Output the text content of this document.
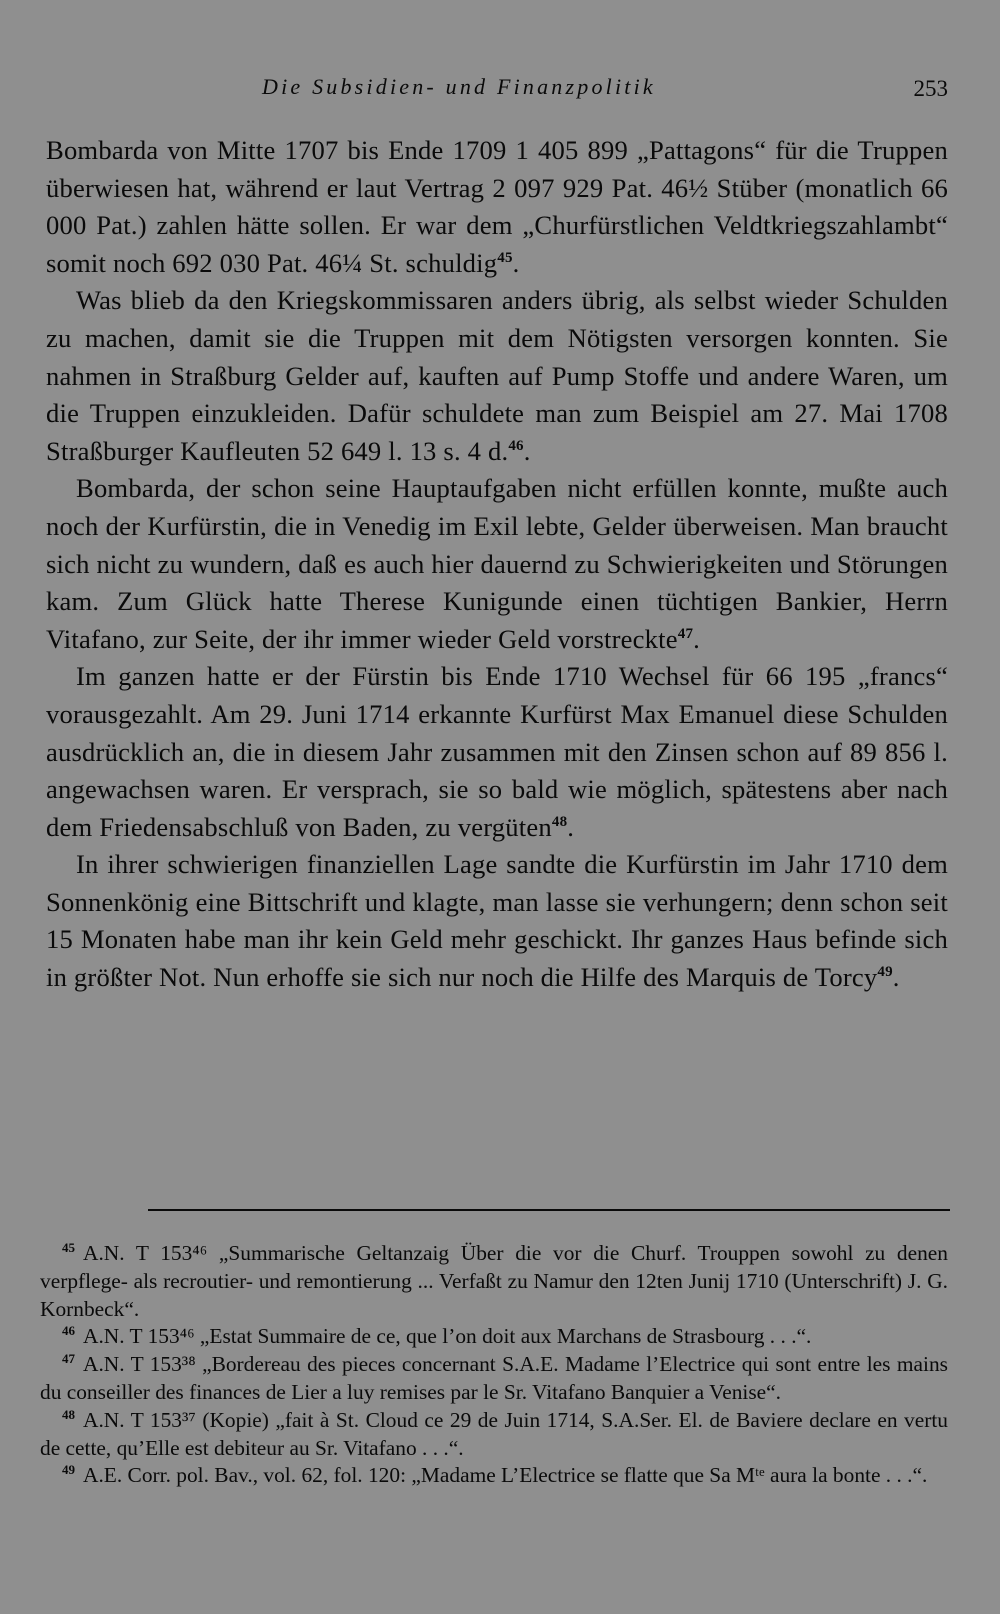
Die Subsidien- und Finanzpolitik	253

Bombarda von Mitte 1707 bis Ende 1709 1 405 899 „Pattagons“ für die Truppen überwiesen hat, während er laut Vertrag 2 097 929 Pat. 46½ Stüber (monatlich 66 000 Pat.) zahlen hätte sollen. Er war dem „Churfürstlichen Veldtkriegszahlambt“ somit noch 692 030 Pat. 46¼ St. schuldig$^{45}$.

Was blieb da den Kriegskommissaren anders übrig, als selbst wieder Schulden zu machen, damit sie die Truppen mit dem Nötigsten versorgen konnten. Sie nahmen in Straßburg Gelder auf, kauften auf Pump Stoffe und andere Waren, um die Truppen einzukleiden. Dafür schuldete man zum Beispiel am 27. Mai 1708 Straßburger Kaufleuten 52 649 l. 13 s. 4 d.$^{46}$.

Bombarda, der schon seine Hauptaufgaben nicht erfüllen konnte, mußte auch noch der Kurfürstin, die in Venedig im Exil lebte, Gelder überweisen. Man braucht sich nicht zu wundern, daß es auch hier dauernd zu Schwierigkeiten und Störungen kam. Zum Glück hatte Therese Kunigunde einen tüchtigen Bankier, Herrn Vitafano, zur Seite, der ihr immer wieder Geld vorstreckte$^{47}$.

Im ganzen hatte er der Fürstin bis Ende 1710 Wechsel für 66 195 „francs“ vorausgezahlt. Am 29. Juni 1714 erkannte Kurfürst Max Emanuel diese Schulden ausdrücklich an, die in diesem Jahr zusammen mit den Zinsen schon auf 89 856 l. angewachsen waren. Er versprach, sie so bald wie möglich, spätestens aber nach dem Friedensabschluß von Baden, zu vergüten$^{48}$.

In ihrer schwierigen finanziellen Lage sandte die Kurfürstin im Jahr 1710 dem Sonnenkönig eine Bittschrift und klagte, man lasse sie verhungern; denn schon seit 15 Monaten habe man ihr kein Geld mehr geschickt. Ihr ganzes Haus befinde sich in größter Not. Nun erhoffe sie sich nur noch die Hilfe des Marquis de Torcy$^{49}$.

$^{45}$ A.N. T 153⁴⁶ „Summarische Geltanzaig Über die vor die Churf. Trouppen sowohl zu denen verpflege- als recroutier- und remontierung ... Verfaßt zu Namur den 12ten Junij 1710 (Unterschrift) J. G. Kornbeck“.

$^{46}$ A.N. T 153⁴⁶ „Estat Summaire de ce, que l’on doit aux Marchans de Strasbourg . . .“.

$^{47}$ A.N. T 153³⁸ „Bordereau des pieces concernant S.A.E. Madame l’Electrice qui sont entre les mains du conseiller des finances de Lier a luy remises par le Sr. Vitafano Banquier a Venise“.

$^{48}$ A.N. T 153³⁷ (Kopie) „fait à St. Cloud ce 29 de Juin 1714, S.A.Ser. El. de Baviere declare en vertu de cette, qu’Elle est debiteur au Sr. Vitafano . . .“.

$^{49}$ A.E. Corr. pol. Bav., vol. 62, fol. 120: „Madame L’Electrice se flatte que Sa Mᵗᵉ aura la bonte . . .“.
